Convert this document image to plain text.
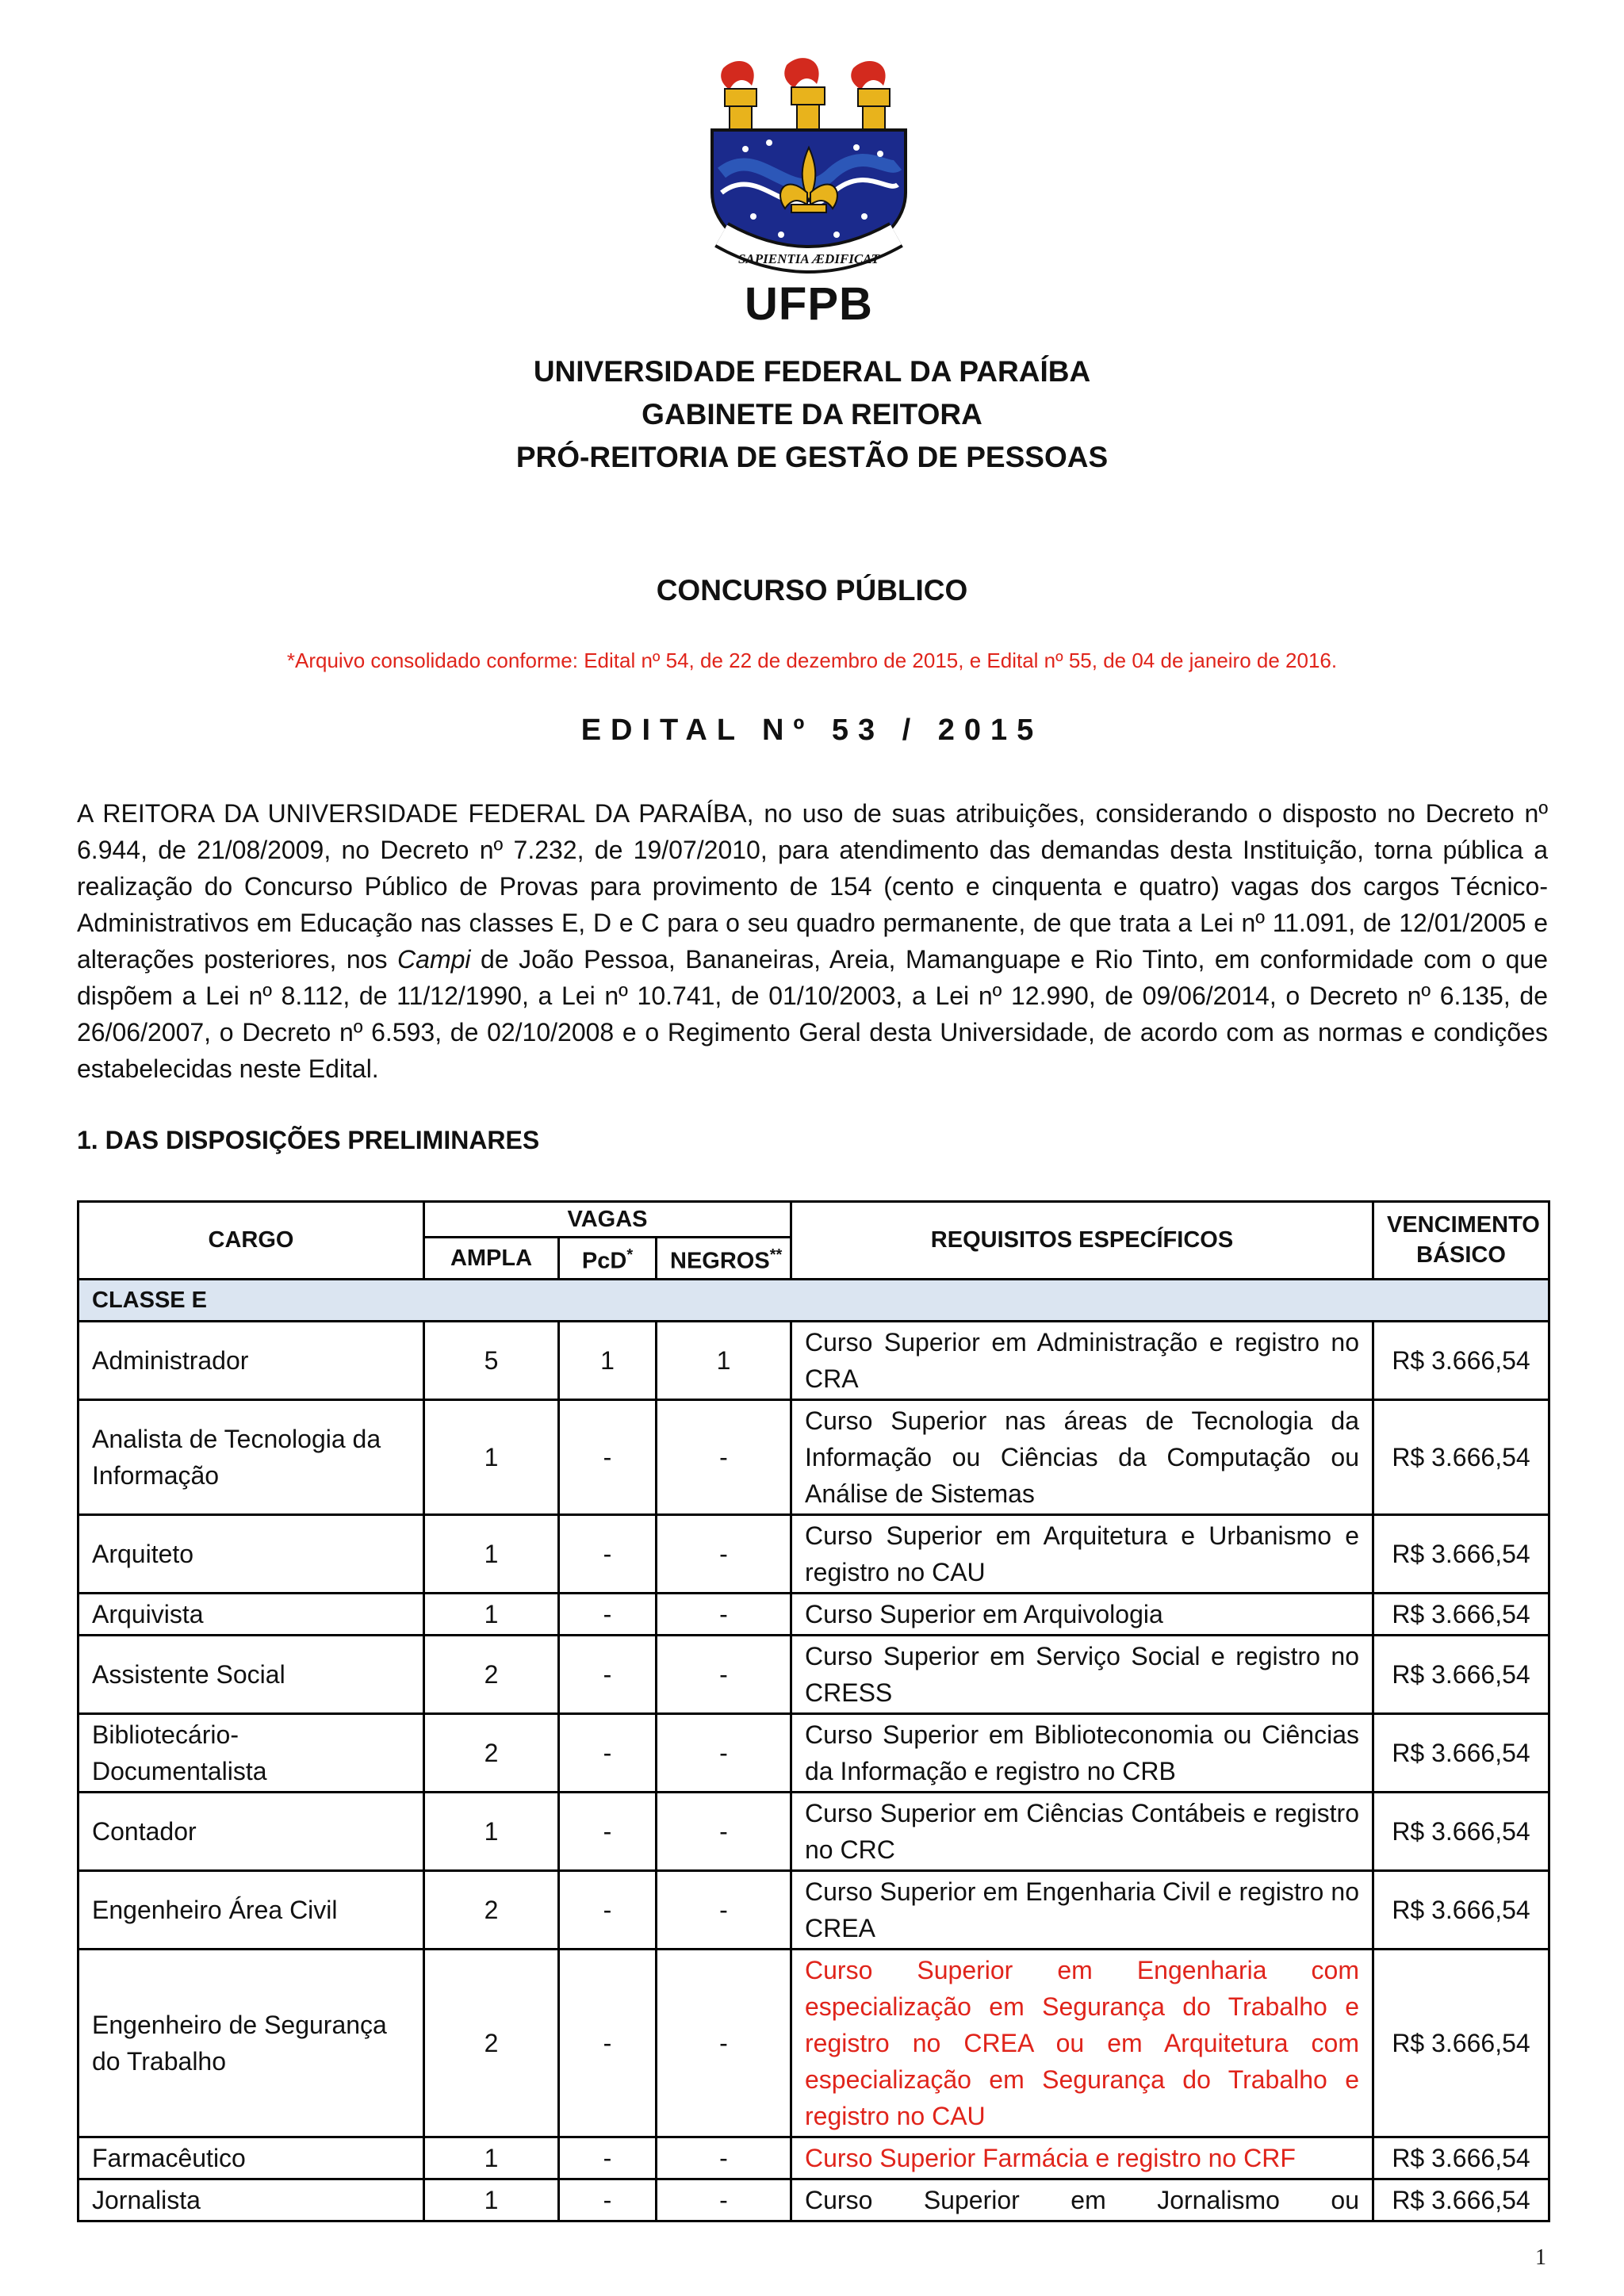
SAPIENTIA ÆDIFICAT
UFPB
UNIVERSIDADE FEDERAL DA PARAÍBA
GABINETE DA REITORA
PRÓ-REITORIA DE GESTÃO DE PESSOAS
CONCURSO PÚBLICO
*Arquivo consolidado conforme: Edital nº 54, de 22 de dezembro de 2015, e Edital nº 55, de 04 de janeiro de 2016.
EDITAL Nº 53 / 2015
A REITORA DA UNIVERSIDADE FEDERAL DA PARAÍBA, no uso de suas atribuições, considerando o disposto no Decreto nº 6.944, de 21/08/2009, no Decreto nº 7.232, de 19/07/2010, para atendimento das demandas desta Instituição, torna pública a realização do Concurso Público de Provas para provimento de 154 (cento e cinquenta e quatro) vagas dos cargos Técnico-Administrativos em Educação nas classes E, D e C para o seu quadro permanente, de que trata a Lei nº 11.091, de 12/01/2005 e alterações posteriores, nos Campi de João Pessoa, Bananeiras, Areia, Mamanguape e Rio Tinto, em conformidade com o que dispõem a Lei nº 8.112, de 11/12/1990, a Lei nº 10.741, de 01/10/2003, a Lei nº 12.990, de 09/06/2014, o Decreto nº 6.135, de 26/06/2007, o Decreto nº 6.593, de 02/10/2008 e o Regimento Geral desta Universidade, de acordo com as normas e condições estabelecidas neste Edital.
1. DAS DISPOSIÇÕES PRELIMINARES
CARGO	VAGAS			REQUISITOS ESPECÍFICOS	VENCIMENTO BÁSICO
	AMPLA	PcD*	NEGROS**
CLASSE E					
Administrador	5	1	1	Curso Superior em Administração e registro no CRA	R$ 3.666,54
Analista de Tecnologia da Informação	1	-	-	Curso Superior nas áreas de Tecnologia da Informação ou Ciências da Computação ou Análise de Sistemas	R$ 3.666,54
Arquiteto	1	-	-	Curso Superior em Arquitetura e Urbanismo e registro no CAU	R$ 3.666,54
Arquivista	1	-	-	Curso Superior em Arquivologia	R$ 3.666,54
Assistente Social	2	-	-	Curso Superior em Serviço Social e registro no CRESS	R$ 3.666,54
Bibliotecário-Documentalista	2	-	-	Curso Superior em Biblioteconomia ou Ciências da Informação e registro no CRB	R$ 3.666,54
Contador	1	-	-	Curso Superior em Ciências Contábeis e registro no CRC	R$ 3.666,54
Engenheiro Área Civil	2	-	-	Curso Superior em Engenharia Civil e registro no CREA	R$ 3.666,54
Engenheiro de Segurança do Trabalho	2	-	-	Curso Superior em Engenharia com especialização em Segurança do Trabalho e registro no CREA ou em Arquitetura com especialização em Segurança do Trabalho e registro no CAU	R$ 3.666,54
Farmacêutico	1	-	-	Curso Superior Farmácia e registro no CRF	R$ 3.666,54
Jornalista	1	-	-	Curso Superior em Jornalismo ou	R$ 3.666,54
1
